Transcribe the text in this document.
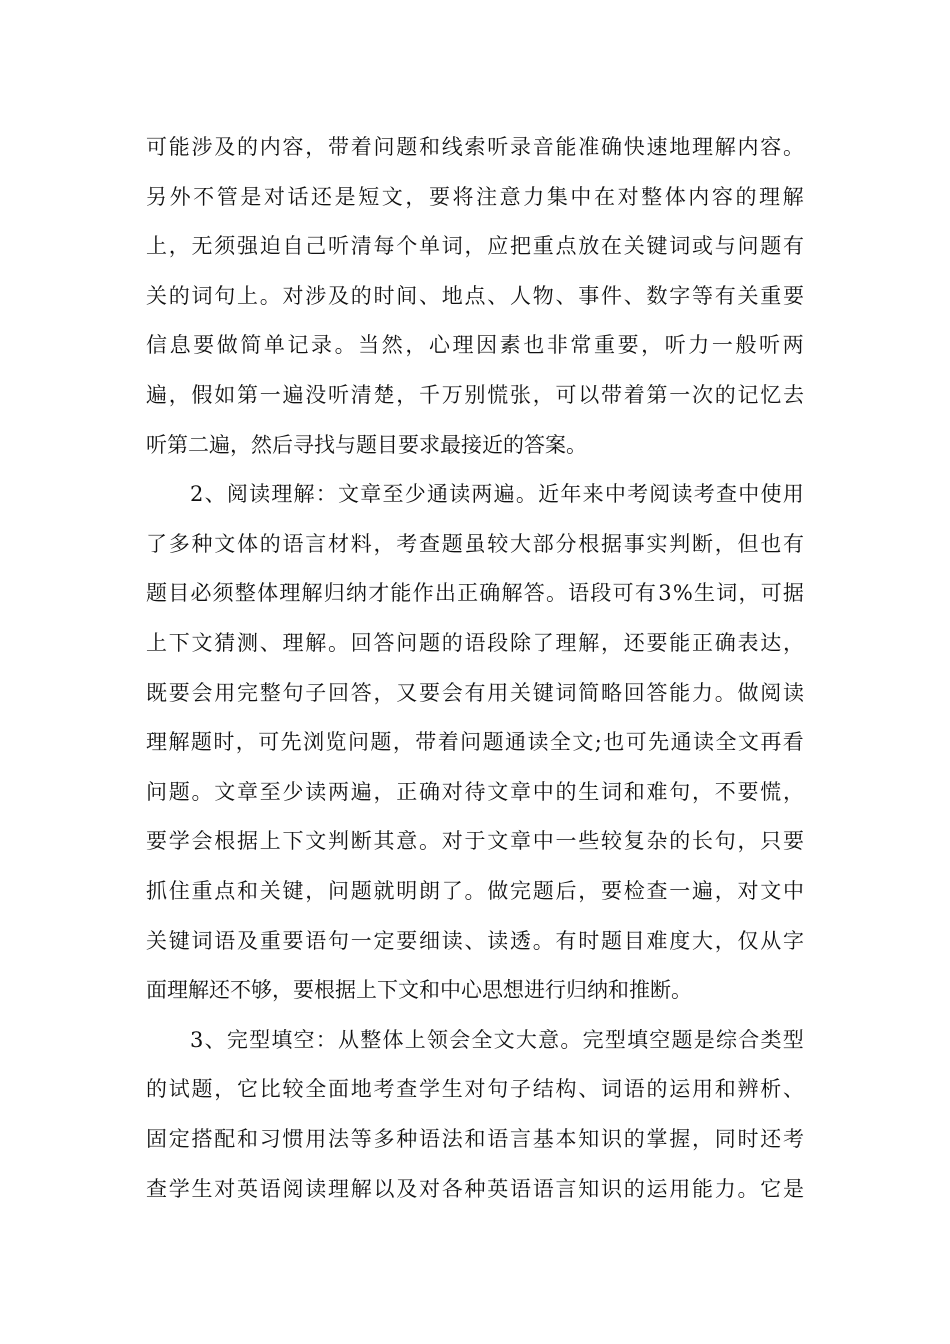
可 能 涉 及 的 内 容 ， 带 着 问 题 和 线 索 听 录 音 能 准 确 快 速 地 理 解 内 容 。
另 外 不 管 是 对 话 还 是 短 文 ， 要 将 注 意 力 集 中 在 对 整 体 内 容 的 理 解
上 ， 无 须 强 迫 自 己 听 清 每 个 单 词 ， 应 把 重 点 放 在 关 键 词 或 与 问 题 有
关 的 词 句 上 。 对 涉 及 的 时 间 、 地 点 、 人 物 、 事 件 、 数 字 等 有 关 重 要
信 息 要 做 简 单 记 录 。 当 然 ， 心 理 因 素 也 非 常 重 要 ， 听 力 一 般 听 两
遍 ， 假 如 第 一 遍 没 听 清 楚 ， 千 万 别 慌 张 ， 可 以 带 着 第 一 次 的 记 忆 去
听第二遍，然后寻找与题目要求最接近的答案。
2 、 阅 读 理 解 ： 文 章 至 少 通 读 两 遍 。 近 年 来 中 考 阅 读 考 查 中 使 用
了 多 种 文 体 的 语 言 材 料 ， 考 查 题 虽 较 大 部 分 根 据 事 实 判 断 ， 但 也 有
题 目 必 须 整 体 理 解 归 纳 才 能 作 出 正 确 解 答 。 语 段 可 有 3 % 生 词 ， 可 据
上 下 文 猜 测 、 理 解 。 回 答 问 题 的 语 段 除 了 理 解 ， 还 要 能 正 确 表 达 ，
既 要 会 用 完 整 句 子 回 答 ， 又 要 会 有 用 关 键 词 简 略 回 答 能 力 。 做 阅 读
理 解 题 时 ， 可 先 浏 览 问 题 ， 带 着 问 题 通 读 全 文 ; 也 可 先 通 读 全 文 再 看
问 题 。 文 章 至 少 读 两 遍 ， 正 确 对 待 文 章 中 的 生 词 和 难 句 ， 不 要 慌 ，
要 学 会 根 据 上 下 文 判 断 其 意 。 对 于 文 章 中 一 些 较 复 杂 的 长 句 ， 只 要
抓 住 重 点 和 关 键 ， 问 题 就 明 朗 了 。 做 完 题 后 ， 要 检 查 一 遍 ， 对 文 中
关 键 词 语 及 重 要 语 句 一 定 要 细 读 、 读 透 。 有 时 题 目 难 度 大 ， 仅 从 字
面理解还不够，要根据上下文和中心思想进行归纳和推断。
3 、 完 型 填 空 ： 从 整 体 上 领 会 全 文 大 意 。 完 型 填 空 题 是 综 合 类 型
的 试 题 ， 它 比 较 全 面 地 考 查 学 生 对 句 子 结 构 、 词 语 的 运 用 和 辨 析 、
固 定 搭 配 和 习 惯 用 法 等 多 种 语 法 和 语 言 基 本 知 识 的 掌 握 ， 同 时 还 考
查 学 生 对 英 语 阅 读 理 解 以 及 对 各 种 英 语 语 言 知 识 的 运 用 能 力 。 它 是
